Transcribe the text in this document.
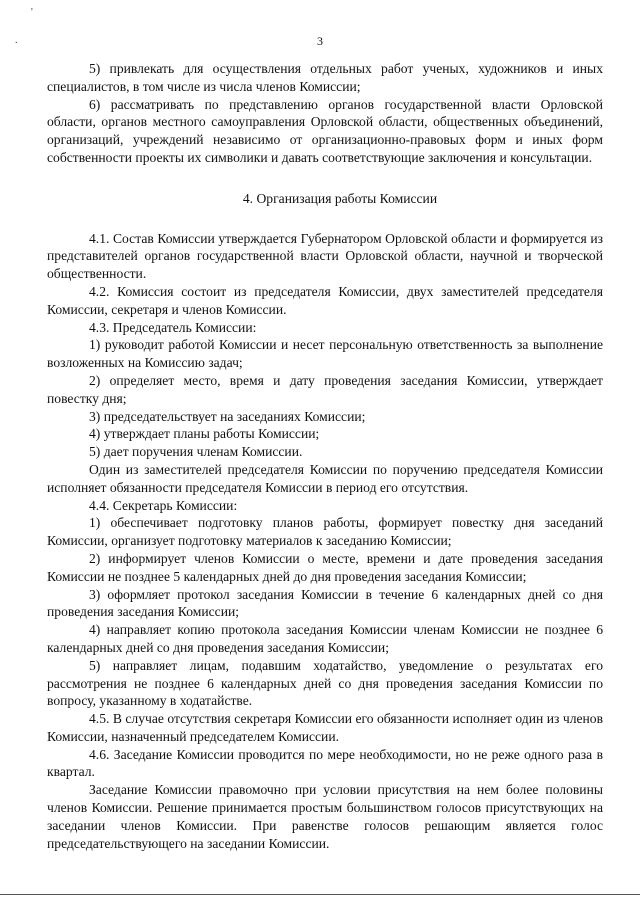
'
.	3

5) привлекать для осуществления отдельных работ ученых, художников и иных специалистов, в том числе из числа членов Комиссии;

6) рассматривать по представлению органов государственной власти Орловской области, органов местного самоуправления Орловской области, общественных объединений, организаций, учреждений независимо от организационно-правовых форм и иных форм собственности проекты их символики и давать соответствующие заключения и консультации.

4. Организация работы Комиссии

4.1. Состав Комиссии утверждается Губернатором Орловской области и формируется из представителей органов государственной власти Орловской области, научной и творческой общественности.

4.2. Комиссия состоит из председателя Комиссии, двух заместителей председателя Комиссии, секретаря и членов Комиссии.

4.3. Председатель Комиссии:

1) руководит работой Комиссии и несет персональную ответственность за выполнение возложенных на Комиссию задач;

2) определяет место, время и дату проведения заседания Комиссии, утверждает повестку дня;

3) председательствует на заседаниях Комиссии;

4) утверждает планы работы Комиссии;

5) дает поручения членам Комиссии.

Один из заместителей председателя Комиссии по поручению председателя Комиссии исполняет обязанности председателя Комиссии в период его отсутствия.

4.4. Секретарь Комиссии:

1) обеспечивает подготовку планов работы, формирует повестку дня заседаний Комиссии, организует подготовку материалов к заседанию Комиссии;

2) информирует членов Комиссии о месте, времени и дате проведения заседания Комиссии не позднее 5 календарных дней до дня проведения заседания Комиссии;

3) оформляет протокол заседания Комиссии в течение 6 календарных дней со дня проведения заседания Комиссии;

4) направляет копию протокола заседания Комиссии членам Комиссии не позднее 6 календарных дней со дня проведения заседания Комиссии;

5) направляет лицам, подавшим ходатайство, уведомление о результатах его рассмотрения не позднее 6 календарных дней со дня проведения заседания Комиссии по вопросу, указанному в ходатайстве.

4.5. В случае отсутствия секретаря Комиссии его обязанности исполняет один из членов Комиссии, назначенный председателем Комиссии.

4.6. Заседание Комиссии проводится по мере необходимости, но не реже одного раза в квартал.

Заседание Комиссии правомочно при условии присутствия на нем более половины членов Комиссии. Решение принимается простым большинством голосов присутствующих на заседании членов Комиссии. При равенстве голосов решающим является голос председательствующего на заседании Комиссии.
